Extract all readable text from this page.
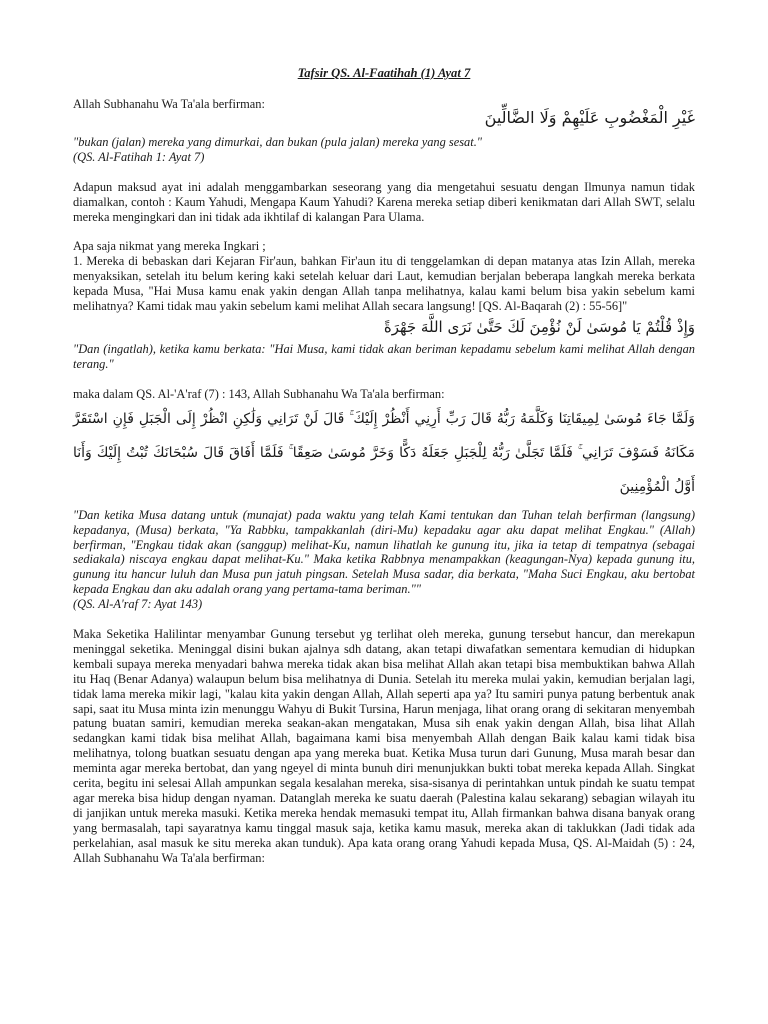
Tafsir QS. Al-Faatihah (1) Ayat 7

Allah Subhanahu Wa Ta'ala berfirman:

غَيْرِ الْمَغْضُوبِ عَلَيْهِمْ وَلَا الضَّالِّينَ

"bukan (jalan) mereka yang dimurkai, dan bukan (pula jalan) mereka yang sesat."

(QS. Al-Fatihah 1: Ayat 7)

Adapun maksud ayat ini adalah menggambarkan seseorang yang dia mengetahui sesuatu dengan Ilmunya namun tidak diamalkan, contoh : Kaum Yahudi, Mengapa Kaum Yahudi? Karena mereka setiap diberi kenikmatan dari Allah SWT, selalu mereka mengingkari dan ini tidak ada ikhtilaf di kalangan Para Ulama.

Apa saja nikmat yang mereka Ingkari ;

1. Mereka di bebaskan dari Kejaran Fir'aun, bahkan Fir'aun itu di tenggelamkan di depan matanya atas Izin Allah, mereka menyaksikan, setelah itu belum kering kaki setelah keluar dari Laut, kemudian berjalan beberapa langkah mereka berkata kepada Musa, "Hai Musa kamu enak yakin dengan Allah tanpa melihatnya, kalau kami belum bisa yakin sebelum kami melihatnya? Kami tidak mau yakin sebelum kami melihat Allah secara langsung! [QS. Al-Baqarah (2) : 55-56]"

وَإِذْ قُلْتُمْ يَا مُوسَىٰ لَنْ نُؤْمِنَ لَكَ حَتَّىٰ نَرَى اللَّهَ جَهْرَةً

"Dan (ingatlah), ketika kamu berkata: "Hai Musa, kami tidak akan beriman kepadamu sebelum kami melihat Allah dengan terang."

maka dalam QS. Al-'A'raf (7) : 143, Allah Subhanahu Wa Ta'ala berfirman:

وَلَمَّا جَاءَ مُوسَىٰ لِمِيقَاتِنَا وَكَلَّمَهُ رَبُّهُ قَالَ رَبِّ أَرِنِي أَنْظُرْ إِلَيْكَ ۚ قَالَ لَنْ تَرَانِي وَلَٰكِنِ انْظُرْ إِلَى الْجَبَلِ فَإِنِ اسْتَقَرَّ مَكَانَهُ فَسَوْفَ تَرَانِي ۚ فَلَمَّا تَجَلَّىٰ رَبُّهُ لِلْجَبَلِ جَعَلَهُ دَكًّا وَخَرَّ مُوسَىٰ صَعِقًا ۚ فَلَمَّا أَفَاقَ قَالَ سُبْحَانَكَ تُبْتُ إِلَيْكَ وَأَنَا أَوَّلُ الْمُؤْمِنِينَ

"Dan ketika Musa datang untuk (munajat) pada waktu yang telah Kami tentukan dan Tuhan telah berfirman (langsung) kepadanya, (Musa) berkata, "Ya Rabbku, tampakkanlah (diri-Mu) kepadaku agar aku dapat melihat Engkau." (Allah) berfirman, "Engkau tidak akan (sanggup) melihat-Ku, namun lihatlah ke gunung itu, jika ia tetap di tempatnya (sebagai sediakala) niscaya engkau dapat melihat-Ku." Maka ketika Rabbnya menampakkan (keagungan-Nya) kepada gunung itu, gunung itu hancur luluh dan Musa pun jatuh pingsan. Setelah Musa sadar, dia berkata, "Maha Suci Engkau, aku bertobat kepada Engkau dan aku adalah orang yang pertama-tama beriman.""

(QS. Al-A'raf 7: Ayat 143)

Maka Seketika Halilintar menyambar Gunung tersebut yg terlihat oleh mereka, gunung tersebut hancur, dan merekapun meninggal seketika. Meninggal disini bukan ajalnya sdh datang, akan tetapi diwafatkan sementara kemudian di hidupkan kembali supaya mereka menyadari bahwa mereka tidak akan bisa melihat Allah akan tetapi bisa membuktikan bahwa Allah itu Haq (Benar Adanya) walaupun belum bisa melihatnya di Dunia. Setelah itu mereka mulai yakin, kemudian berjalan lagi, tidak lama mereka mikir lagi, "kalau kita yakin dengan Allah, Allah seperti apa ya? Itu samiri punya patung berbentuk anak sapi, saat itu Musa minta izin menunggu Wahyu di Bukit Tursina, Harun menjaga, lihat orang orang di sekitaran menyembah patung buatan samiri, kemudian mereka seakan-akan mengatakan, Musa sih enak yakin dengan Allah, bisa lihat Allah sedangkan kami tidak bisa melihat Allah, bagaimana kami bisa menyembah Allah dengan Baik kalau kami tidak bisa melihatnya, tolong buatkan sesuatu dengan apa yang mereka buat. Ketika Musa turun dari Gunung, Musa marah besar dan meminta agar mereka bertobat, dan yang ngeyel di minta bunuh diri menunjukkan bukti tobat mereka kepada Allah. Singkat cerita, begitu ini selesai Allah ampunkan segala kesalahan mereka, sisa-sisanya di perintahkan untuk pindah ke suatu tempat agar mereka bisa hidup dengan nyaman. Datanglah mereka ke suatu daerah (Palestina kalau sekarang) sebagian wilayah itu di janjikan untuk mereka masuki. Ketika mereka hendak memasuki tempat itu, Allah firmankan bahwa disana banyak orang yang bermasalah, tapi sayaratnya kamu tinggal masuk saja, ketika kamu masuk, mereka akan di taklukkan (Jadi tidak ada perkelahian, asal masuk ke situ mereka akan tunduk). Apa kata orang orang Yahudi kepada Musa, QS. Al-Maidah (5) : 24, Allah Subhanahu Wa Ta'ala berfirman:
